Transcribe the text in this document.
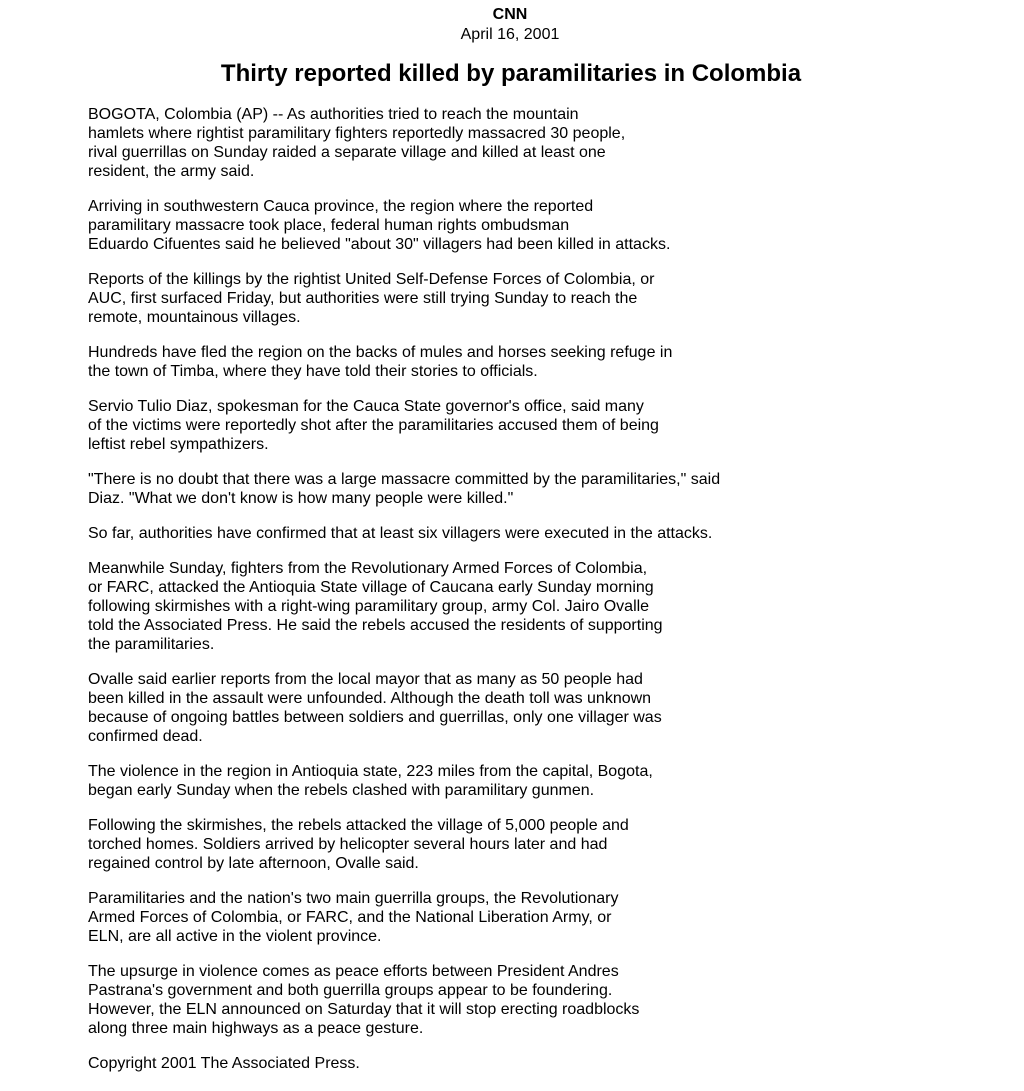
CNN

April 16, 2001

Thirty reported killed by paramilitaries in Colombia

BOGOTA, Colombia (AP) -- As authorities tried to reach the mountain
hamlets where rightist paramilitary fighters reportedly massacred 30 people,
rival guerrillas on Sunday raided a separate village and killed at least one
resident, the army said.

Arriving in southwestern Cauca province, the region where the reported
paramilitary massacre took place, federal human rights ombudsman
Eduardo Cifuentes said he believed "about 30" villagers had been killed in attacks.

Reports of the killings by the rightist United Self-Defense Forces of Colombia, or
AUC, first surfaced Friday, but authorities were still trying Sunday to reach the
remote, mountainous villages.

Hundreds have fled the region on the backs of mules and horses seeking refuge in
the town of Timba, where they have told their stories to officials.

Servio Tulio Diaz, spokesman for the Cauca State governor's office, said many
of the victims were reportedly shot after the paramilitaries accused them of being
leftist rebel sympathizers.

"There is no doubt that there was a large massacre committed by the paramilitaries," said
Diaz. "What we don't know is how many people were killed."

So far, authorities have confirmed that at least six villagers were executed in the attacks.

Meanwhile Sunday, fighters from the Revolutionary Armed Forces of Colombia,
or FARC, attacked the Antioquia State village of Caucana early Sunday morning
following skirmishes with a right-wing paramilitary group, army Col. Jairo Ovalle
told the Associated Press. He said the rebels accused the residents of supporting
the paramilitaries.

Ovalle said earlier reports from the local mayor that as many as 50 people had
been killed in the assault were unfounded. Although the death toll was unknown
because of ongoing battles between soldiers and guerrillas, only one villager was
confirmed dead.

The violence in the region in Antioquia state, 223 miles from the capital, Bogota,
began early Sunday when the rebels clashed with paramilitary gunmen.

Following the skirmishes, the rebels attacked the village of 5,000 people and
torched homes. Soldiers arrived by helicopter several hours later and had
regained control by late afternoon, Ovalle said.

Paramilitaries and the nation's two main guerrilla groups, the Revolutionary
Armed Forces of Colombia, or FARC, and the National Liberation Army, or
ELN, are all active in the violent province.

The upsurge in violence comes as peace efforts between President Andres
Pastrana's government and both guerrilla groups appear to be foundering.
However, the ELN announced on Saturday that it will stop erecting roadblocks
along three main highways as a peace gesture.

Copyright 2001 The Associated Press.
